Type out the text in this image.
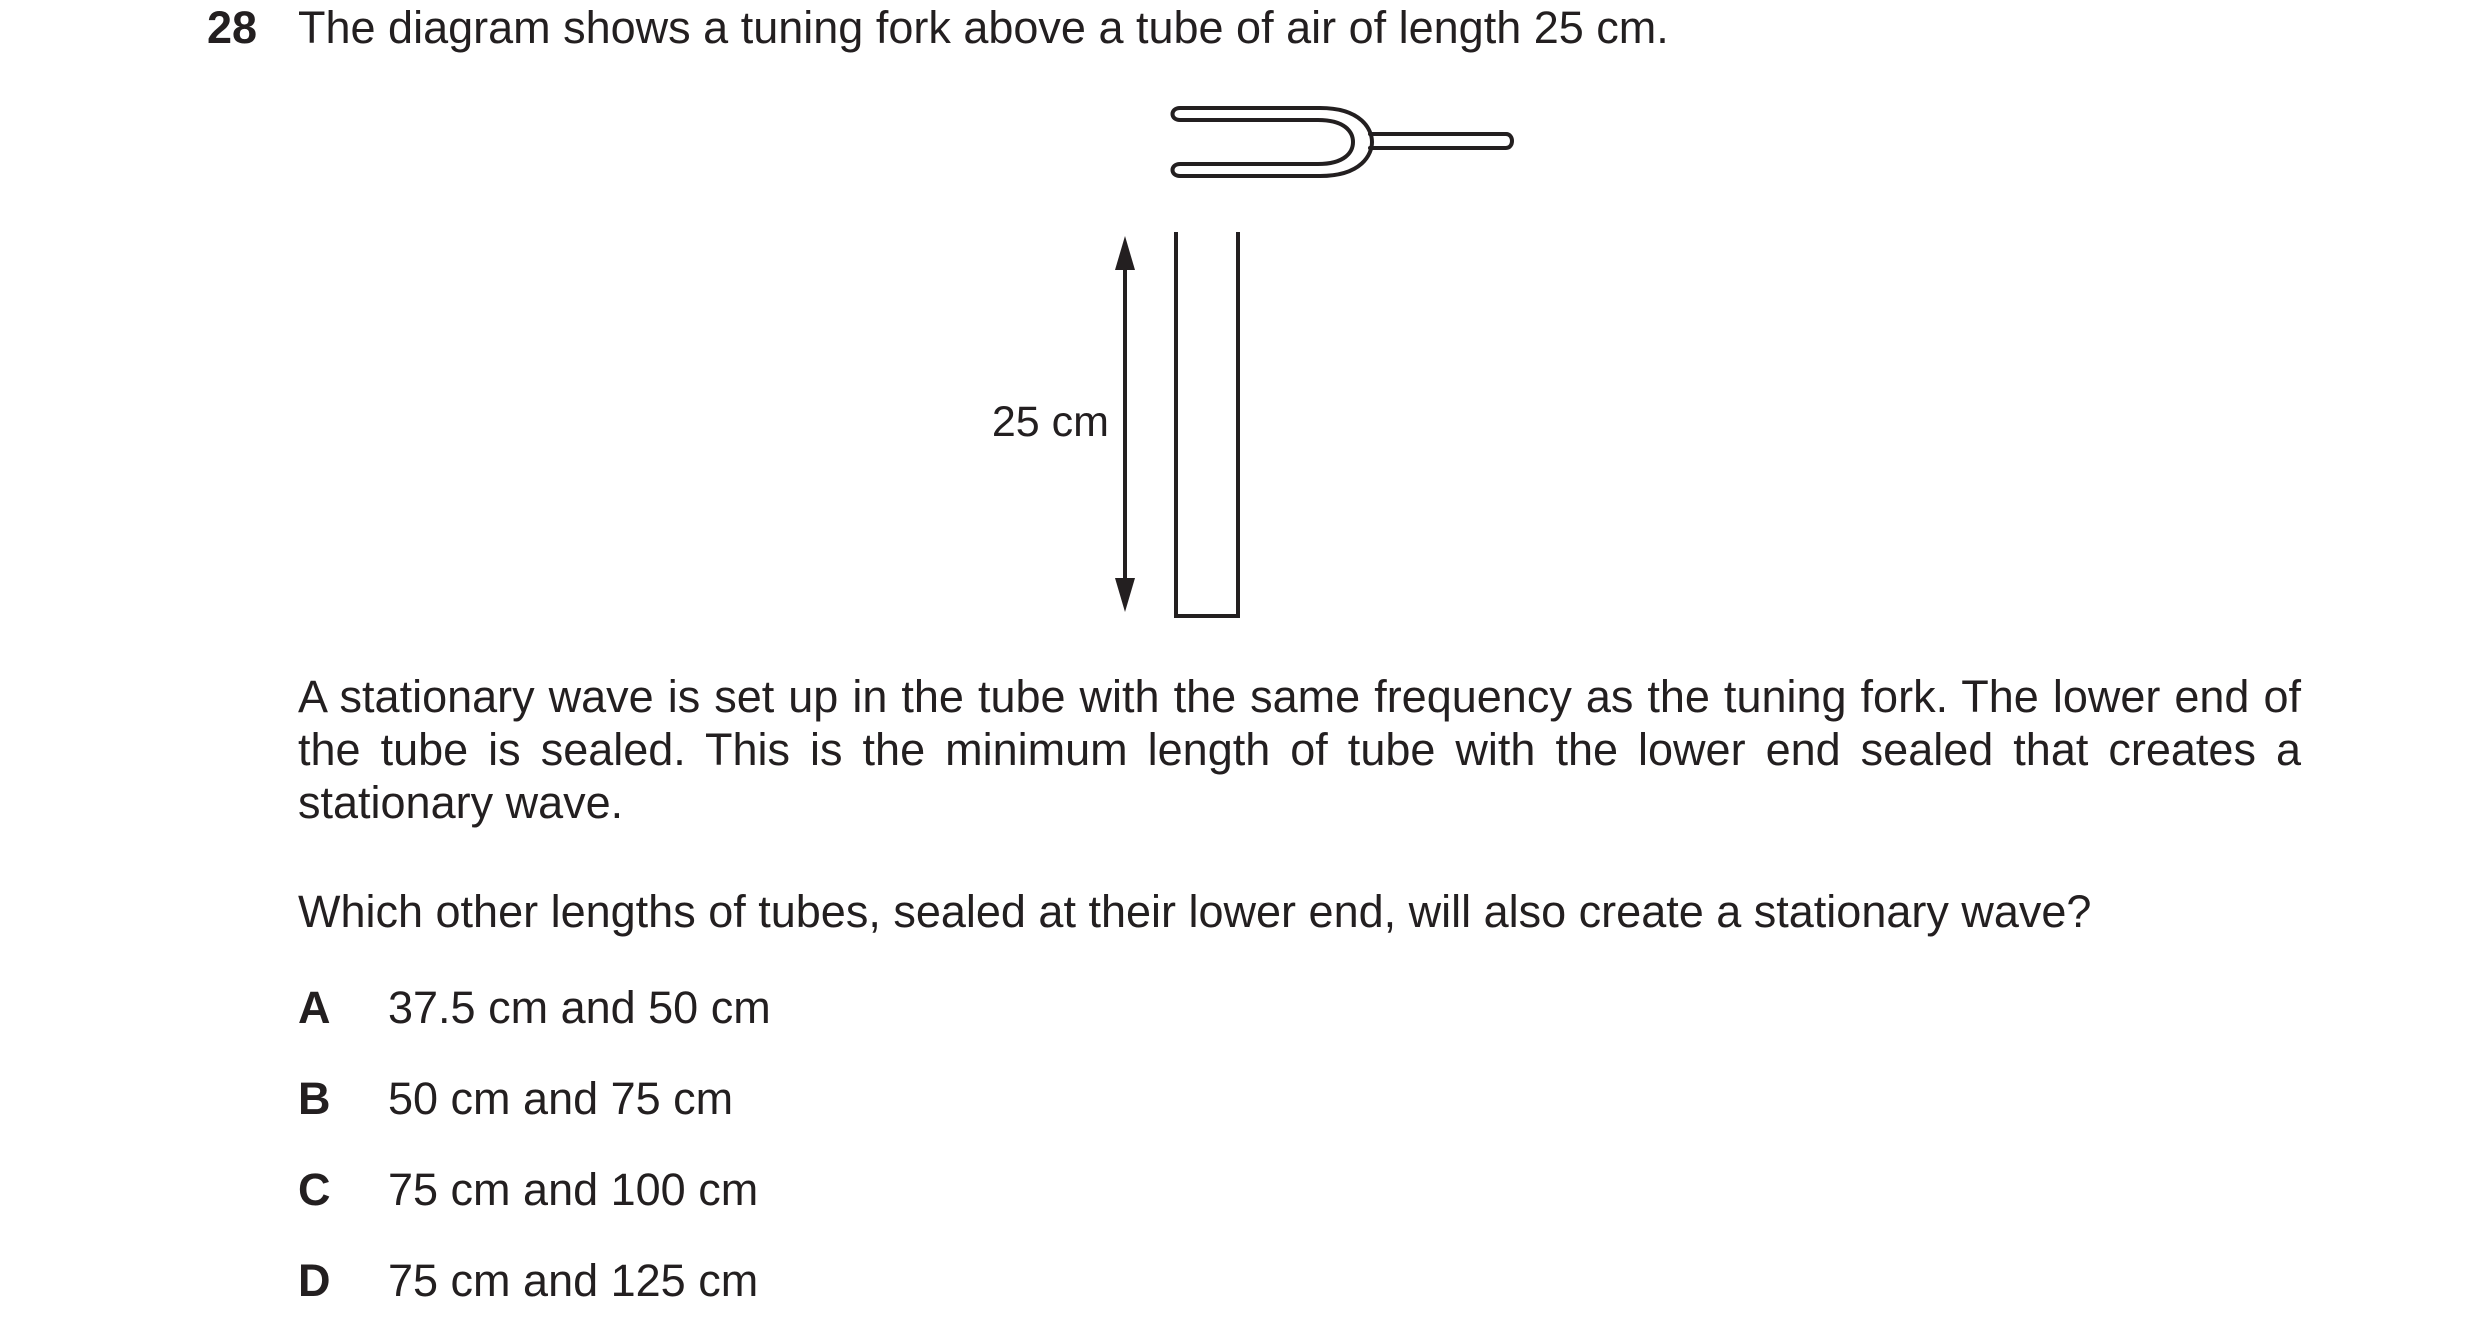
28 The diagram shows a tuning fork above a tube of air of length 25 cm.
25 cm
A stationary wave is set up in the tube with the same frequency as the tuning fork. The lower end of the tube is sealed. This is the minimum length of tube with the lower end sealed that creates a stationary wave.
Which other lengths of tubes, sealed at their lower end, will also create a stationary wave?
A 37.5 cm and 50 cm
B 50 cm and 75 cm
C 75 cm and 100 cm
D 75 cm and 125 cm
